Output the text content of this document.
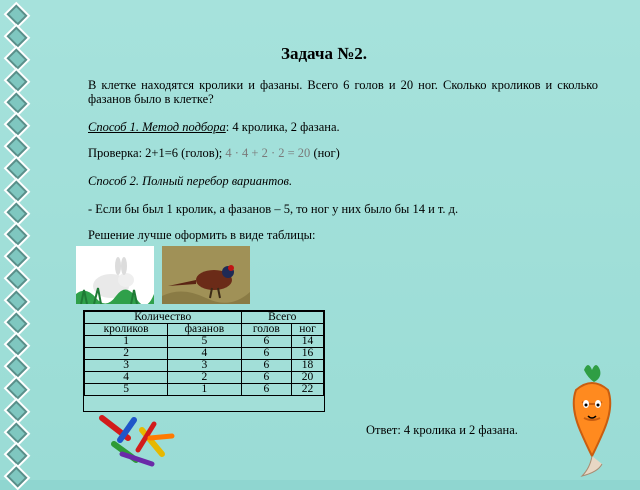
Задача №2.
В клетке находятся кролики и фазаны. Всего 6 голов и 20 ног. Сколько кроликов и сколько фазанов было в клетке?
Способ 1. Метод подбора: 4 кролика, 2 фазана.
Проверка: 2+1=6 (голов); 4 · 4 + 2 · 2 = 20 (ног)
Способ 2. Полный перебор вариантов.
- Если бы был 1 кролик, а фазанов – 5, то ног у них было бы 14 и т. д.
Решение лучше оформить в виде таблицы:
Количество		Всего	
кроликов	фазанов	голов	ног
1	5	6	14
2	4	6	16
3	3	6	18
4	2	6	20
5	1	6	22
Ответ: 4 кролика и 2 фазана.
